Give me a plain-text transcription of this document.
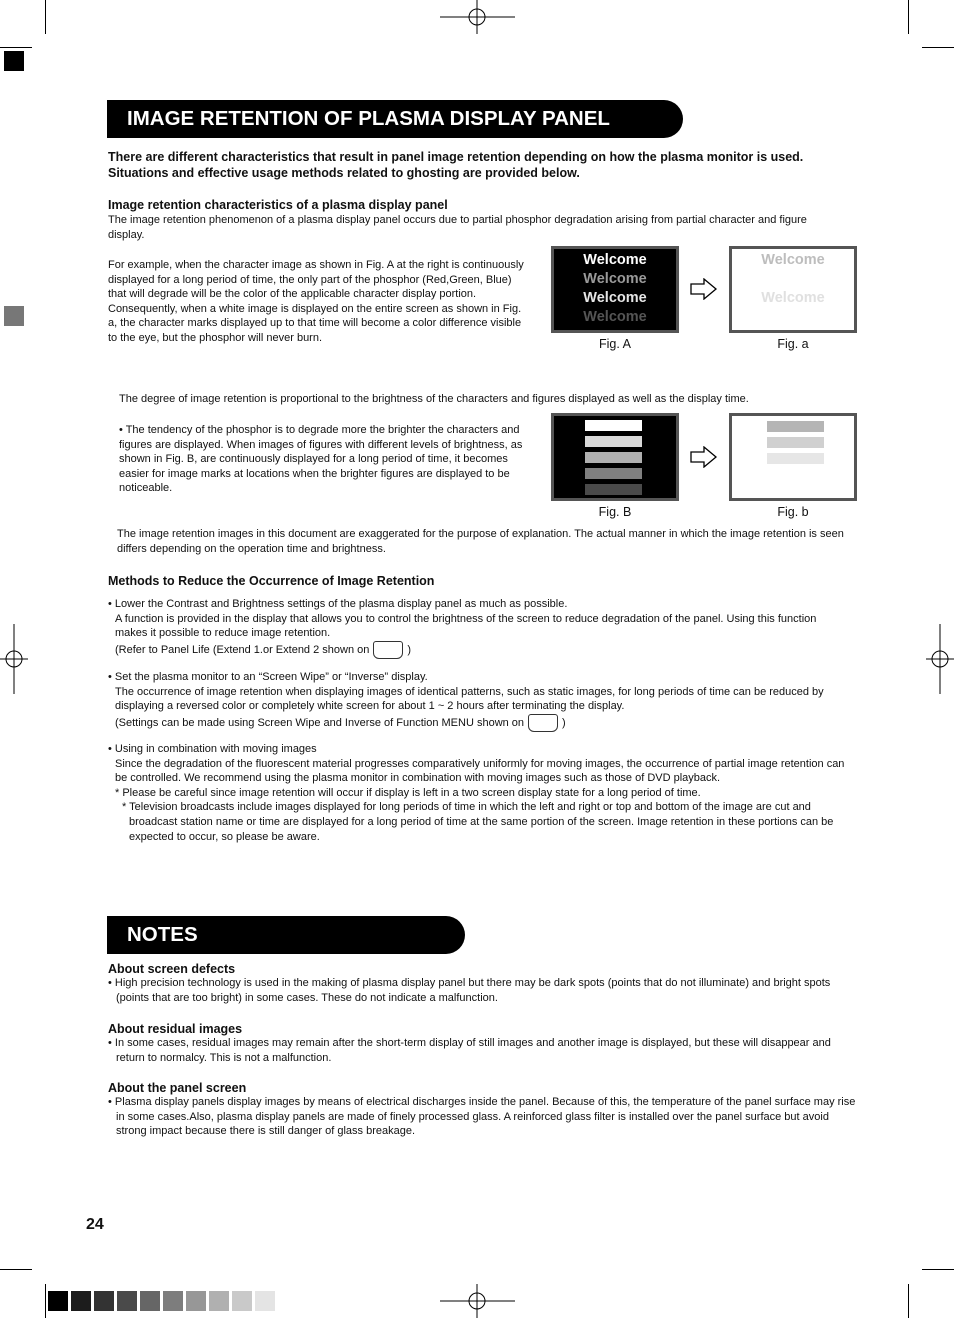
IMAGE RETENTION OF PLASMA DISPLAY PANEL
There are different characteristics that result in panel image retention depending on how the plasma monitor is used. Situations and effective usage methods related to ghosting are provided below.
Image retention characteristics of a plasma display panel
The image retention phenomenon of a plasma display panel occurs due to partial phosphor degradation arising from partial character and figure display.
For example, when the character image as shown in Fig. A at the right is continuously displayed for a long period of time, the only part of the phosphor (Red,Green, Blue) that will degrade will be the color of the applicable character display portion. Consequently, when a white image is displayed on the entire screen as shown in Fig. a, the character marks displayed up to that time will become a color difference visible to the eye, but the phosphor will never burn.
Welcome
Welcome
Welcome
Welcome
Welcome
Welcome
Fig. A	Fig. a
The degree of image retention is proportional to the brightness of the characters and figures displayed as well as the display time.
• The tendency of the phosphor is to degrade more the brighter the characters and figures are displayed. When images of figures with different levels of brightness, as shown in Fig. B, are continuously displayed for a long period of time, it becomes easier for image marks at locations when the brighter figures are displayed to be noticeable.
Fig. B	Fig. b
The image retention images in this document are exaggerated for the purpose of explanation. The actual manner in which the image retention is seen differs depending on the operation time and brightness.
Methods to Reduce the Occurrence of Image Retention
• Lower the Contrast and Brightness settings of the plasma display panel as much as possible.
A function is provided in the display that allows you to control the brightness of the screen to reduce degradation of the panel. Using this function makes it possible to reduce image retention.
(Refer to Panel Life (Extend 1.or Extend 2 shown on	)
• Set the plasma monitor to an “Screen Wipe” or “Inverse” display.
The occurrence of image retention when displaying images of identical patterns, such as static images, for long periods of time can be reduced by displaying a reversed color or completely white screen for about 1 ~ 2 hours after terminating the display.
(Settings can be made using Screen Wipe and Inverse of Function MENU shown on	)
• Using in combination with moving images
Since the degradation of the fluorescent material progresses comparatively uniformly for moving images, the occurrence of partial image retention can be controlled. We recommend using the plasma monitor in combination with moving images such as those of DVD playback.
* Please be careful since image retention will occur if display is left in a two screen display state for a long period of time.
* Television broadcasts include images displayed for long periods of time in which the left and right or top and bottom of the image are cut and broadcast station name or time are displayed for a long period of time at the same portion of the screen. Image retention in these portions can be expected to occur, so please be aware.
NOTES
About screen defects
• High precision technology is used in the making of plasma display panel but there may be dark spots (points that do not illuminate) and bright spots (points that are too bright) in some cases. These do not indicate a malfunction.
About residual images
• In some cases, residual images may remain after the short-term display of still images and another image is displayed, but these will disappear and return to normalcy. This is not a malfunction.
About the panel screen
• Plasma display panels display images by means of electrical discharges inside the panel. Because of this, the temperature of the panel surface may rise in some cases.Also, plasma display panels are made of finely processed glass. A reinforced glass filter is installed over the panel surface but avoid strong impact because there is still danger of glass breakage.
24
